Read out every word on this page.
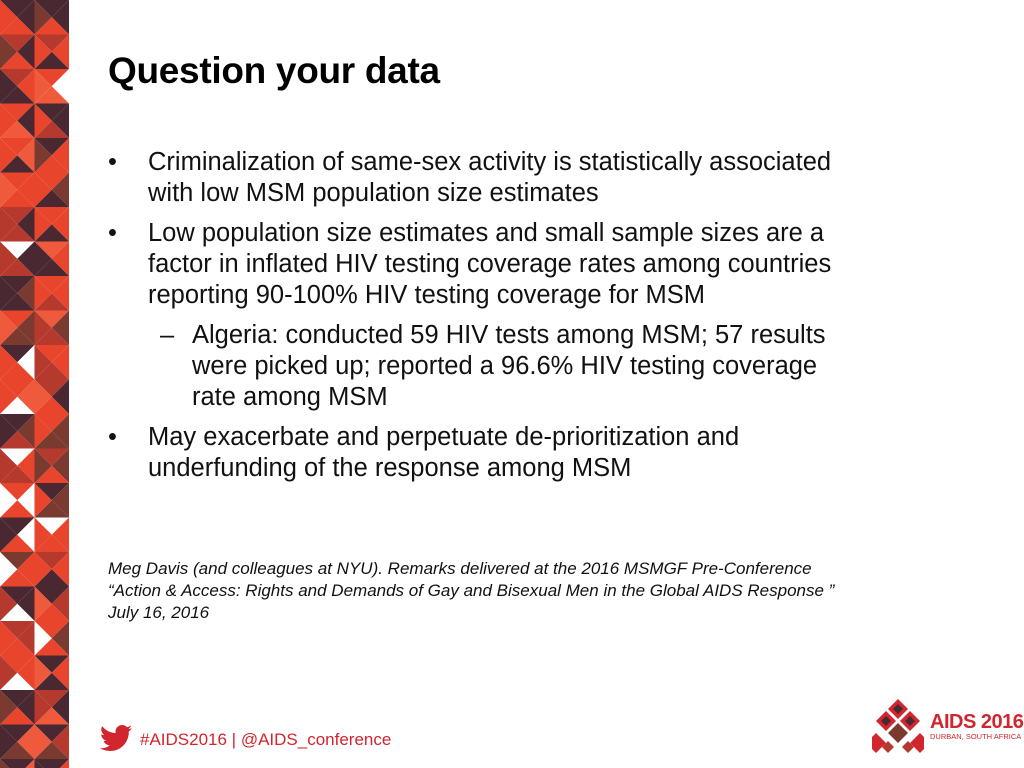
Question your data
• Criminalization of same-sex activity is statistically associated
with low MSM population size estimates
• Low population size estimates and small sample sizes are a
factor in inflated HIV testing coverage rates among countries
reporting 90-100% HIV testing coverage for MSM
– Algeria: conducted 59 HIV tests among MSM; 57 results
were picked up; reported a 96.6% HIV testing coverage
rate among MSM
• May exacerbate and perpetuate de-prioritization and
underfunding of the response among MSM
Meg Davis (and colleagues at NYU). Remarks delivered at the 2016 MSMGF Pre-Conference
“Action & Access: Rights and Demands of Gay and Bisexual Men in the Global AIDS Response ”
July 16, 2016
#AIDS2016 | @AIDS_conference
AIDS 2016
DURBAN, SOUTH AFRICA
